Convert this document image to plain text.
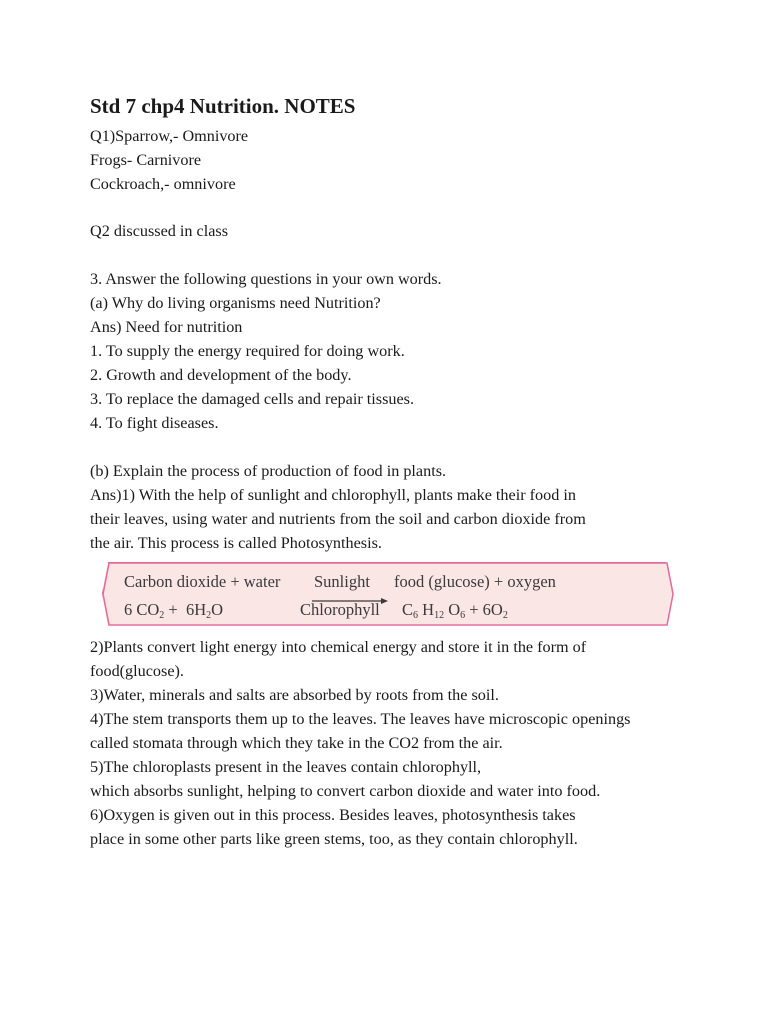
Std 7 chp4 Nutrition. NOTES
Q1)Sparrow,- Omnivore
Frogs- Carnivore
Cockroach,- omnivore
Q2 discussed in class
3. Answer the following questions in your own words.
(a) Why do living organisms need Nutrition?
Ans) Need for nutrition
1. To supply the energy required for doing work.
2. Growth and development of the body.
3. To replace the damaged cells and repair tissues.
4. To fight diseases.
(b) Explain the process of production of food in plants.
Ans)1) With the help of sunlight and chlorophyll, plants make their food in
their leaves, using water and nutrients from the soil and carbon dioxide from
the air. This process is called Photosynthesis.
Carbon dioxide + water Sunlight food (glucose) + oxygen
6 $CO_2 + 6H_2O$	Chlorophyll $C_6$ $H_{12}$ $O_6 + 6O_2$
2)Plants convert light energy into chemical energy and store it in the form of
food(glucose).
3)Water, minerals and salts are absorbed by roots from the soil.
4)The stem transports them up to the leaves. The leaves have microscopic openings
called stomata through which they take in the CO2 from the air.
5)The chloroplasts present in the leaves contain chlorophyll,
which absorbs sunlight, helping to convert carbon dioxide and water into food.
6)Oxygen is given out in this process. Besides leaves, photosynthesis takes
place in some other parts like green stems, too, as they contain chlorophyll.
